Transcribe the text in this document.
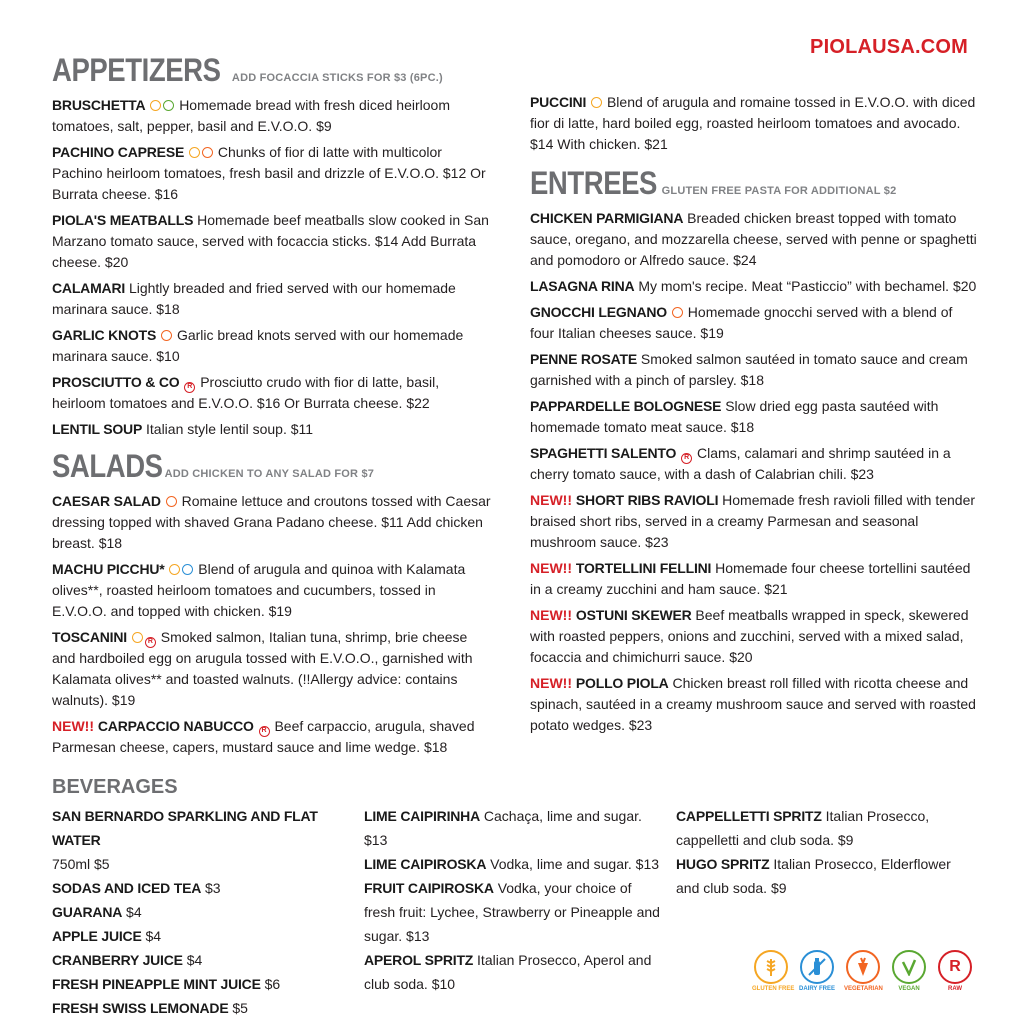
PIOLAUSA.COM
APPETIZERS ADD FOCACCIA STICKS FOR $3 (6PC.)
BRUSCHETTA Homemade bread with fresh diced heirloom tomatoes, salt, pepper, basil and E.V.O.O. $9
PACHINO CAPRESE Chunks of fior di latte with multicolor Pachino heirloom tomatoes, fresh basil and drizzle of E.V.O.O. $12 Or Burrata cheese. $16
PIOLA'S MEATBALLS Homemade beef meatballs slow cooked in San Marzano tomato sauce, served with focaccia sticks. $14 Add Burrata cheese. $20
CALAMARI Lightly breaded and fried served with our homemade marinara sauce. $18
GARLIC KNOTS Garlic bread knots served with our homemade marinara sauce. $10
PROSCIUTTO & CO R Prosciutto crudo with fior di latte, basil, heirloom tomatoes and E.V.O.O. $16 Or Burrata cheese. $22
LENTIL SOUP Italian style lentil soup. $11
SALADS ADD CHICKEN TO ANY SALAD FOR $7
CAESAR SALAD Romaine lettuce and croutons tossed with Caesar dressing topped with shaved Grana Padano cheese. $11 Add chicken breast. $18
MACHU PICCHU* Blend of arugula and quinoa with Kalamata olives**, roasted heirloom tomatoes and cucumbers, tossed in E.V.O.O. and topped with chicken. $19
TOSCANINI	R Smoked salmon, Italian tuna, shrimp, brie cheese and hardboiled egg on arugula tossed with E.V.O.O., garnished with Kalamata olives** and toasted walnuts. (!!Allergy advice: contains walnuts). $19
NEW!! CARPACCIO NABUCCO R Beef carpaccio, arugula, shaved Parmesan cheese, capers, mustard sauce and lime wedge. $18
PUCCINI Blend of arugula and romaine tossed in E.V.O.O. with diced fior di latte, hard boiled egg, roasted heirloom tomatoes and avocado. $14 With chicken. $21
ENTREES GLUTEN FREE PASTA FOR ADDITIONAL $2
CHICKEN PARMIGIANA Breaded chicken breast topped with tomato sauce, oregano, and mozzarella cheese, served with penne or spaghetti and pomodoro or Alfredo sauce. $24
LASAGNA RINA My mom's recipe. Meat “Pasticcio” with bechamel. $20
GNOCCHI LEGNANO Homemade gnocchi served with a blend of four Italian cheeses sauce. $19
PENNE ROSATE Smoked salmon sautéed in tomato sauce and cream garnished with a pinch of parsley. $18
PAPPARDELLE BOLOGNESE Slow dried egg pasta sautéed with homemade tomato meat sauce. $18
SPAGHETTI SALENTO R Clams, calamari and shrimp sautéed in a cherry tomato sauce, with a dash of Calabrian chili. $23
NEW!! SHORT RIBS RAVIOLI Homemade fresh ravioli filled with tender braised short ribs, served in a creamy Parmesan and seasonal mushroom sauce. $23
NEW!! TORTELLINI FELLINI Homemade four cheese tortellini sautéed in a creamy zucchini and ham sauce. $21
NEW!! OSTUNI SKEWER Beef meatballs wrapped in speck, skewered with roasted peppers, onions and zucchini, served with a mixed salad, focaccia and chimichurri sauce. $20
NEW!! POLLO PIOLA Chicken breast roll filled with ricotta cheese and spinach, sautéed in a creamy mushroom sauce and served with roasted potato wedges. $23
BEVERAGES
SAN BERNARDO SPARKLING AND FLAT WATER
750ml $5
SODAS AND ICED TEA $3
GUARANA $4
APPLE JUICE $4
CRANBERRY JUICE $4
FRESH PINEAPPLE MINT JUICE $6
FRESH SWISS LEMONADE $5
LIME CAIPIRINHA Cachaça, lime and sugar. $13
LIME CAIPIROSKA Vodka, lime and sugar. $13
FRUIT CAIPIROSKA Vodka, your choice of fresh fruit: Lychee, Strawberry or Pineapple and sugar. $13
APEROL SPRITZ Italian Prosecco, Aperol and club soda. $10
CAPPELLETTI SPRITZ Italian Prosecco, cappelletti and club soda. $9
HUGO SPRITZ Italian Prosecco, Elderflower and club soda. $9
GLUTEN FREE DAIRY FREE VEGETARIAN	VEGAN
R
RAW
